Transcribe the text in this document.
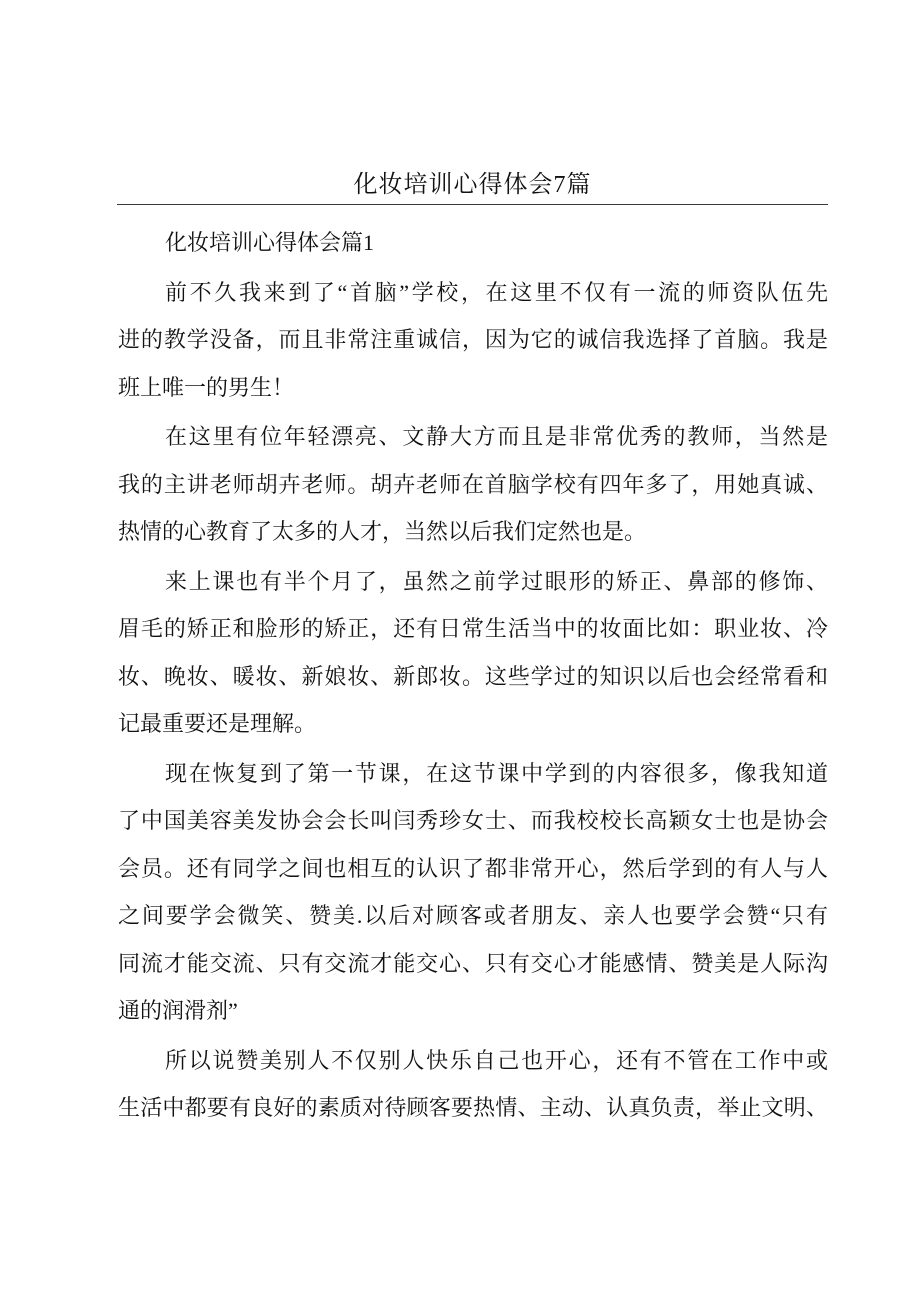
化妆培训心得体会7篇
化妆培训心得体会篇1
前不久我来到了“首脑”学校，在这里不仅有一流的师资队伍先
进的教学没备，而且非常注重诚信，因为它的诚信我选择了首脑。我是
班上唯一的男生！
在这里有位年轻漂亮、文静大方而且是非常优秀的教师，当然是
我的主讲老师胡卉老师。胡卉老师在首脑学校有四年多了，用她真诚、
热情的心教育了太多的人才，当然以后我们定然也是。
来上课也有半个月了，虽然之前学过眼形的矫正、鼻部的修饰、
眉毛的矫正和脸形的矫正，还有日常生活当中的妆面比如：职业妆、冷
妆、晚妆、暖妆、新娘妆、新郎妆。这些学过的知识以后也会经常看和
记最重要还是理解。
现在恢复到了第一节课，在这节课中学到的内容很多，像我知道
了中国美容美发协会会长叫闫秀珍女士、而我校校长高颖女士也是协会
会员。还有同学之间也相互的认识了都非常开心，然后学到的有人与人
之间要学会微笑、赞美.以后对顾客或者朋友、亲人也要学会赞“只有
同流才能交流、只有交流才能交心、只有交心才能感情、赞美是人际沟
通的润滑剂”
所以说赞美别人不仅别人快乐自己也开心，还有不管在工作中或
生活中都要有良好的素质对待顾客要热情、主动、认真负责，举止文明、
